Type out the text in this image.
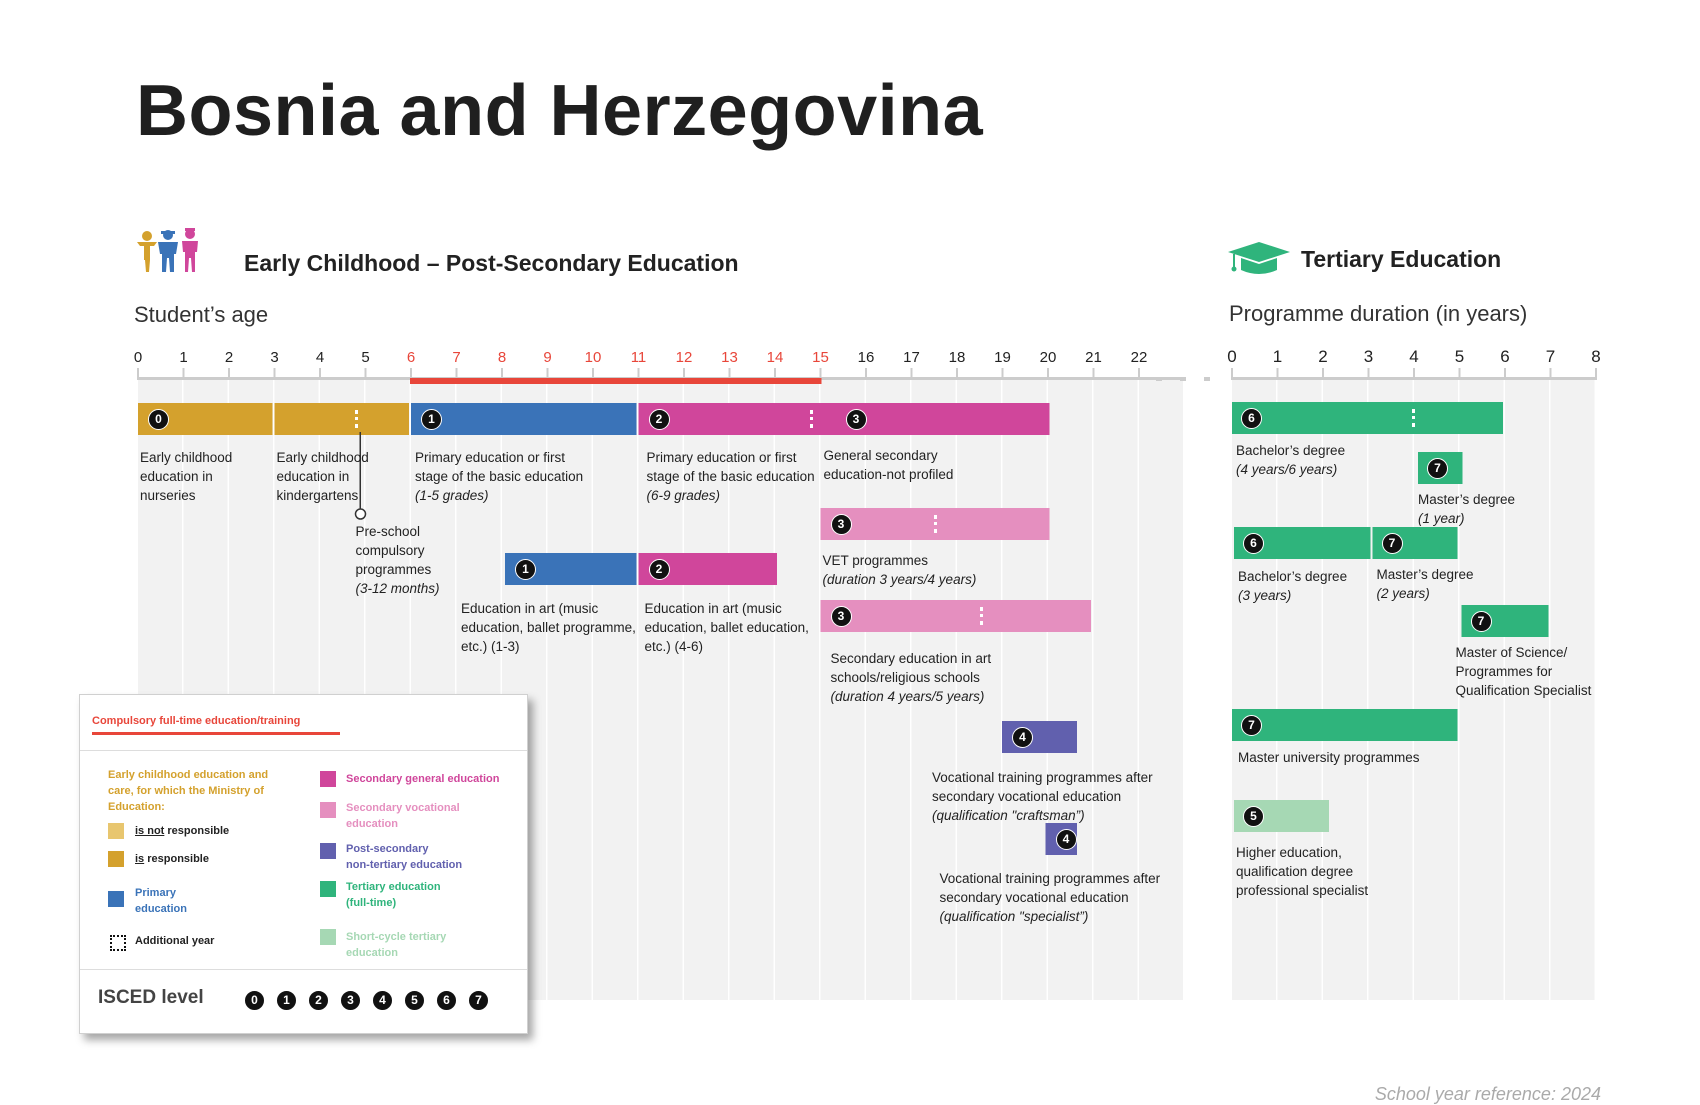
Bosnia and Herzegovina
Early Childhood – Post-Secondary Education
Student’s age
Tertiary Education
Programme duration (in years)
0 1 2 3 4 5 6 7 8 9 10 11 12 13 14 15 16 17 18 19 20 21 22	0 1 2 3 4 5 6 7 8
0
Early childhood
education in
nurseries
Early childhood
education in
kindergartens
1
Primary education or first
stage of the basic education
(1-5 grades)
2
Primary education or first
stage of the basic education
(6-9 grades)
3
General secondary
education-not profiled
3
VET programmes
(duration 3 years/4 years)
3
Secondary education in art
schools/religious schools
(duration 4 years/5 years)
1
Education in art (music
education, ballet programme,
etc.) (1-3)
2
Education in art (music
education, ballet education,
etc.) (4-6)
4
Vocational training programmes after
secondary vocational education
(qualification "craftsman”)
4
Vocational training programmes after
secondary vocational education
(qualification "specialist”)
Pre-school
compulsory
programmes
(3-12 months)
6
Bachelor’s degree
(4 years/6 years)	7
Master’s degree
(1 year)
6
Bachelor’s degree
(3 years)
7
Master’s degree
(2 years)
7
Master of Science/
Programmes for
Qualification Specialist
7
Master university programmes
5
Higher education,
qualification degree
professional specialist
Compulsory full-time education/training
Early childhood education and
care, for which the Ministry of
Education:
is not responsible
is responsible
Primary
education
Additional year
Secondary general education
Secondary vocational
education
Post-secondary
non-tertiary education
Tertiary education
(full-time)
Short-cycle tertiary
education
ISCED level	0	1	2	3	4	5	6	7
School year reference: 2024
